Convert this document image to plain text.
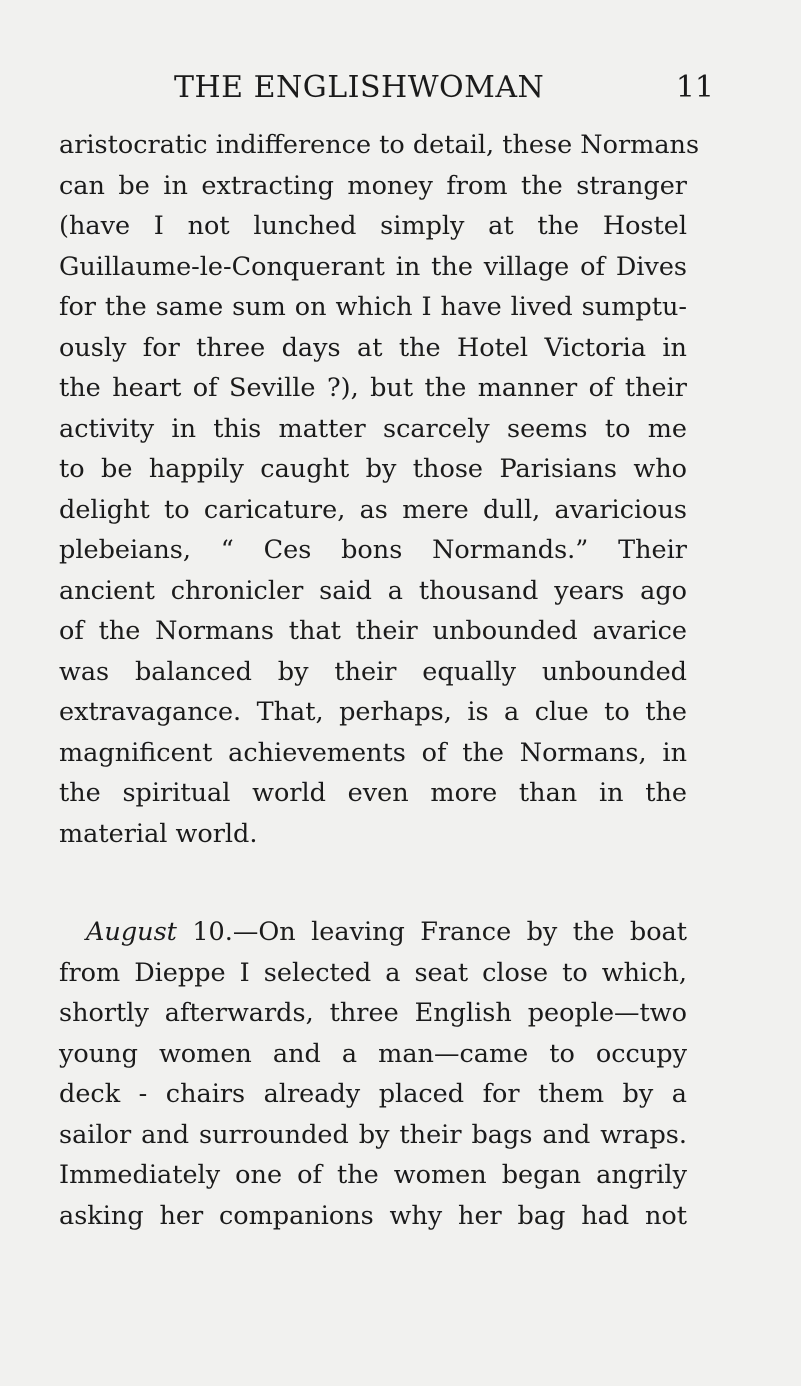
THE ENGLISHWOMAN	11
aristocratic indifference to detail, these Normans
can be in extracting money from the stranger
(have I not lunched simply at the Hostel
Guillaume-le-Conquerant in the village of Dives
for the same sum on which I have lived sumptu-
ously for three days at the Hotel Victoria in
the heart of Seville ?), but the manner of their
activity in this matter scarcely seems to me
to be happily caught by those Parisians who
delight to caricature, as mere dull, avaricious
plebeians, “ Ces bons Normands.” Their
ancient chronicler said a thousand years ago
of the Normans that their unbounded avarice
was balanced by their equally unbounded
extravagance. That, perhaps, is a clue to the
magnificent achievements of the Normans, in
the spiritual world even more than in the
material world.
August 10.—On leaving France by the boat
from Dieppe I selected a seat close to which,
shortly afterwards, three English people—two
young women and a man—came to occupy
deck - chairs already placed for them by a
sailor and surrounded by their bags and wraps.
Immediately one of the women began angrily
asking her companions why her bag had not
